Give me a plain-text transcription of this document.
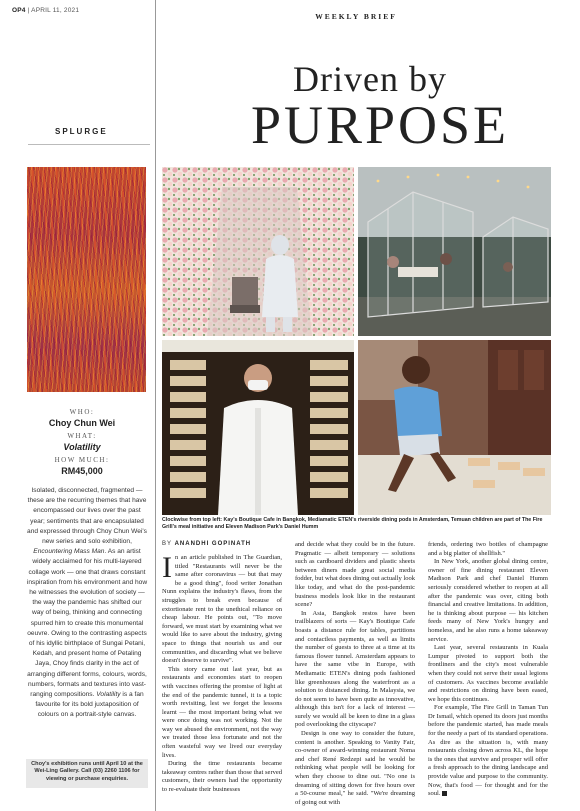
OP4 | APRIL 11, 2021
WEEKLY BRIEF
SPLURGE
WHO:
Choy Chun Wei
WHAT:
Volatility
HOW MUCH:
RM45,000
Isolated, disconnected, fragmented — these are the recurring themes that have encompassed our lives over the past year; sentiments that are encapsulated and expressed through Choy Chun Wei's new series and solo exhibition, Encountering Mass Man. As an artist widely acclaimed for his multi-layered collage work — one that draws constant inspiration from his environment and how he witnesses the evolution of society — the way the pandemic has shifted our way of being, thinking and connecting spurred him to create this monumental oeuvre. Owing to the contrasting aspects of his idyllic birthplace of Sungai Petani, Kedah, and present home of Petaling Jaya, Choy finds clarity in the act of arranging different forms, colours, words, numbers, formats and textures into vast-ranging compositions. Volatility is a fan favourite for its bold juxtaposition of colours on a portrait-style canvas.
Choy's exhibition runs until April 10 at the Wei-Ling Gallery. Call (03) 2260 1106 for viewing or purchase enquiries.
Driven by
PURPOSE
Clockwise from top left: Kay's Boutique Cafe in Bangkok, Mediamatic ETEN's riverside dining pods in Amsterdam, Temuan children are part of The Fire Grill's meal initiative and Eleven Madison Park's Daniel Humm
BY ANANDHI GOPINATH

In an article published in The Guardian, titled "Restaurants will never be the same after coronavirus — but that may be a good thing", food writer Jonathan Nunn explains the industry's flaws, from the struggles to break even because of extortionate rent to the unethical reliance on cheap labour. He points out, "To move forward, we must start by examining what we would like to save about the industry, giving space to things that nourish us and our communities, and discarding what we believe doesn't deserve to survive".

This story came out last year, but as restaurants and economies start to reopen with vaccines offering the promise of light at the end of the pandemic tunnel, it is a topic worth revisiting, lest we forget the lessons learnt — the most important being what we were once doing was not working. Not the way we abused the environment, not the way we treated those less fortunate and not the often wasteful way we lived our everyday lives.

During the time restaurants became takeaway centres rather than those that served customers, their owners had the opportunity to re-evaluate their businesses

and decide what they could be in the future. Pragmatic — albeit temporary — solutions such as cardboard dividers and plastic sheets between diners made great social media fodder, but what does dining out actually look like today, and what do the post-pandemic business models look like in the restaurant scene?

In Asia, Bangkok restos have been trailblazers of sorts — Kay's Boutique Cafe boasts a distance rule for tables, partitions and contactless payments, as well as limits the number of guests to three at a time at its famous flower tunnel. Amsterdam appears to have the same vibe in Europe, with Mediamatic ETEN's dining pods fashioned like greenhouses along the waterfront as a solution to distanced dining. In Malaysia, we do not seem to have been quite as innovative, although this isn't for a lack of interest — surely we would all be keen to dine in a glass pod overlooking the cityscape?

Design is one way to consider the future, content is another. Speaking to Vanity Fair, co-owner of award-winning restaurant Noma and chef René Redzepi said he would be rethinking what people will be looking for when they choose to dine out. "No one is dreaming of sitting down for five hours over a 50-course meal," he said. "We're dreaming of going out with

friends, ordering two bottles of champagne and a big platter of shellfish."

In New York, another global dining centre, owner of fine dining restaurant Eleven Madison Park and chef Daniel Humm seriously considered whether to reopen at all after the pandemic was over, citing both financial and creative limitations. In addition, he is thinking about purpose — his kitchen feeds many of New York's hungry and homeless, and he also runs a home takeaway service.

Last year, several restaurants in Kuala Lumpur pivoted to support both the frontliners and the city's most vulnerable when they could not serve their usual legions of customers. As vaccines become available and restrictions on dining have been eased, we hope this continues.

For example, The Fire Grill in Taman Tun Dr Ismail, which opened its doors just months before the pandemic started, has made meals for the needy a part of its standard operations. As dire as the situation is, with many restaurants closing down across KL, the hope is the ones that survive and prosper will offer a fresh approach to the dining landscape and provide value and purpose to the community. Now, that's food — for thought and for the soul.
